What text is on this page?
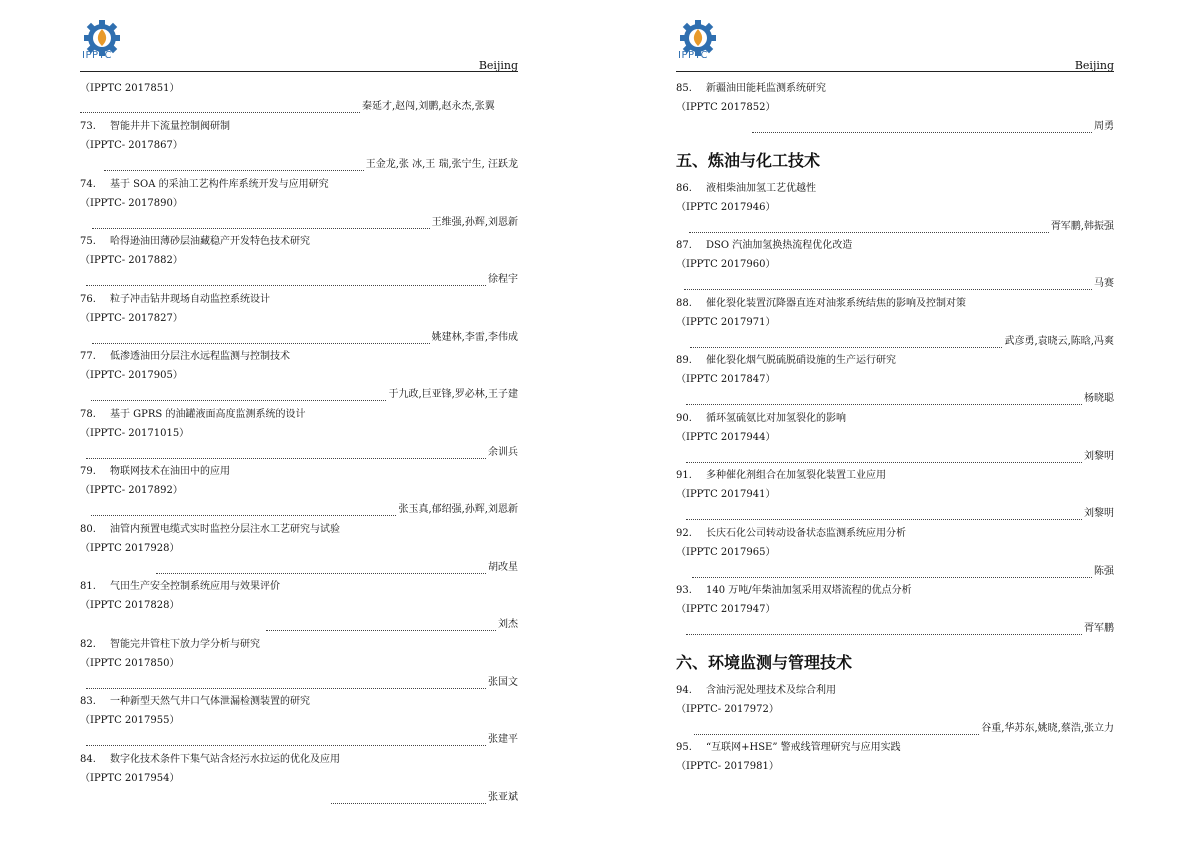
IPPTC
Beijing
（IPPTC 2017851）
秦延才,赵闯,刘鹏,赵永杰,张翼
73. 智能井井下流量控制阀研制
（IPPTC- 2017867）
王金龙,张 冰,王 瑞,张宁生, 汪跃龙
74. 基于 SOA 的采油工艺构件库系统开发与应用研究
（IPPTC- 2017890）
王维强,孙辉,刘恩新
75. 哈得逊油田薄砂层油藏稳产开发特色技术研究
（IPPTC- 2017882）
徐程宇
76. 粒子冲击钻井现场自动监控系统设计
（IPPTC- 2017827）
姚建林,李雷,李伟成
77. 低渗透油田分层注水远程监测与控制技术
（IPPTC- 2017905）
于九政,巨亚锋,罗必林,王子建
78. 基于 GPRS 的油罐液面高度监测系统的设计
（IPPTC- 20171015）
余训兵
79. 物联网技术在油田中的应用
（IPPTC- 2017892）
张玉真,郁绍强,孙辉,刘恩新
80. 油管内预置电缆式实时监控分层注水工艺研究与试验
（IPPTC 2017928）
胡改星
81. 气田生产安全控制系统应用与效果评价
（IPPTC 2017828）
刘杰
82. 智能完井管柱下放力学分析与研究
（IPPTC 2017850）
张国文
83. 一种新型天然气井口气体泄漏检测装置的研究
（IPPTC 2017955）
张建平
84. 数字化技术条件下集气站含烃污水拉运的优化及应用
（IPPTC 2017954）
张亚斌
IPPTC
Beijing
85. 新疆油田能耗监测系统研究
（IPPTC 2017852）
周勇
五、炼油与化工技术
86. 液相柴油加氢工艺优越性
（IPPTC 2017946）
胥军鹏,韩振强
87. DSO 汽油加氢换热流程优化改造
（IPPTC 2017960）
马赛
88. 催化裂化装置沉降器直连对油浆系统结焦的影响及控制对策
（IPPTC 2017971）
武彦勇,袁晓云,陈晗,冯爽
89. 催化裂化烟气脱硫脱硝设施的生产运行研究
（IPPTC 2017847）
杨晓聪
90. 循环氢硫氨比对加氢裂化的影响
（IPPTC 2017944）
刘黎明
91. 多种催化剂组合在加氢裂化装置工业应用
（IPPTC 2017941）
刘黎明
92. 长庆石化公司转动设备状态监测系统应用分析
（IPPTC 2017965）
陈强
93. 140 万吨/年柴油加氢采用双塔流程的优点分析
（IPPTC 2017947）
胥军鹏
六、环境监测与管理技术
94. 含油污泥处理技术及综合利用
（IPPTC- 2017972）
谷重,华苏东,姚晓,蔡浩,张立力
95. “互联网+HSE” 警戒线管理研究与应用实践
（IPPTC- 2017981）
